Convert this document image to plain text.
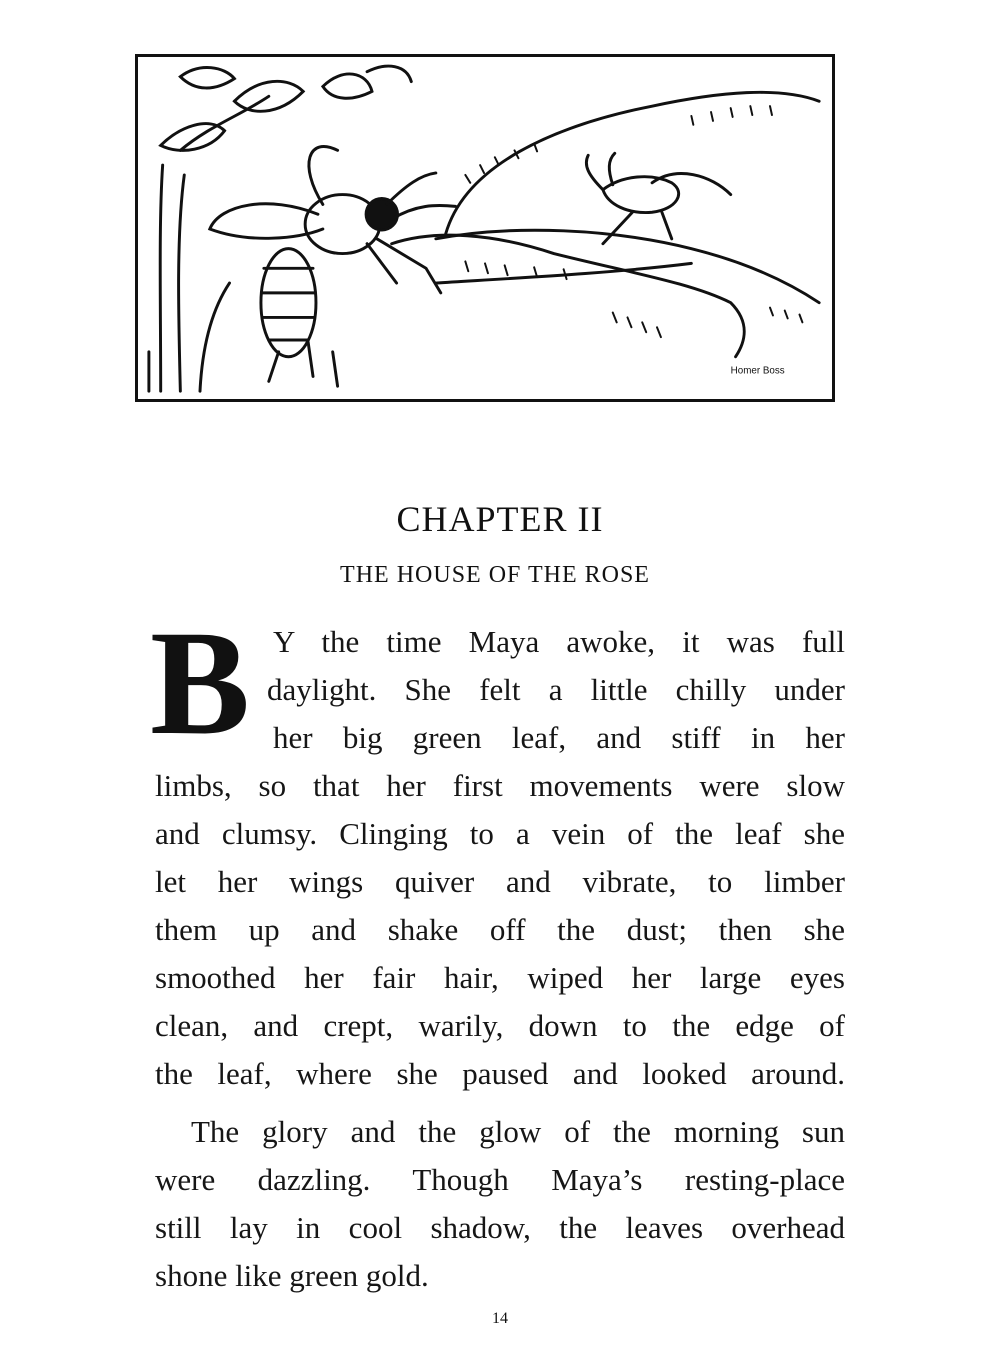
Homer Boss
CHAPTER II
THE HOUSE OF THE ROSE
B Y the time Maya awoke, it was full
daylight. She felt a little chilly under
her big green leaf, and stiff in her
limbs, so that her first movements were slow
and clumsy. Clinging to a vein of the leaf she
let her wings quiver and vibrate, to limber
them up and shake off the dust; then she
smoothed her fair hair, wiped her large eyes
clean, and crept, warily, down to the edge of
the leaf, where she paused and looked around.
The glory and the glow of the morning sun
were dazzling. Though Maya’s resting-place
still lay in cool shadow, the leaves overhead
shone like green gold.
14
